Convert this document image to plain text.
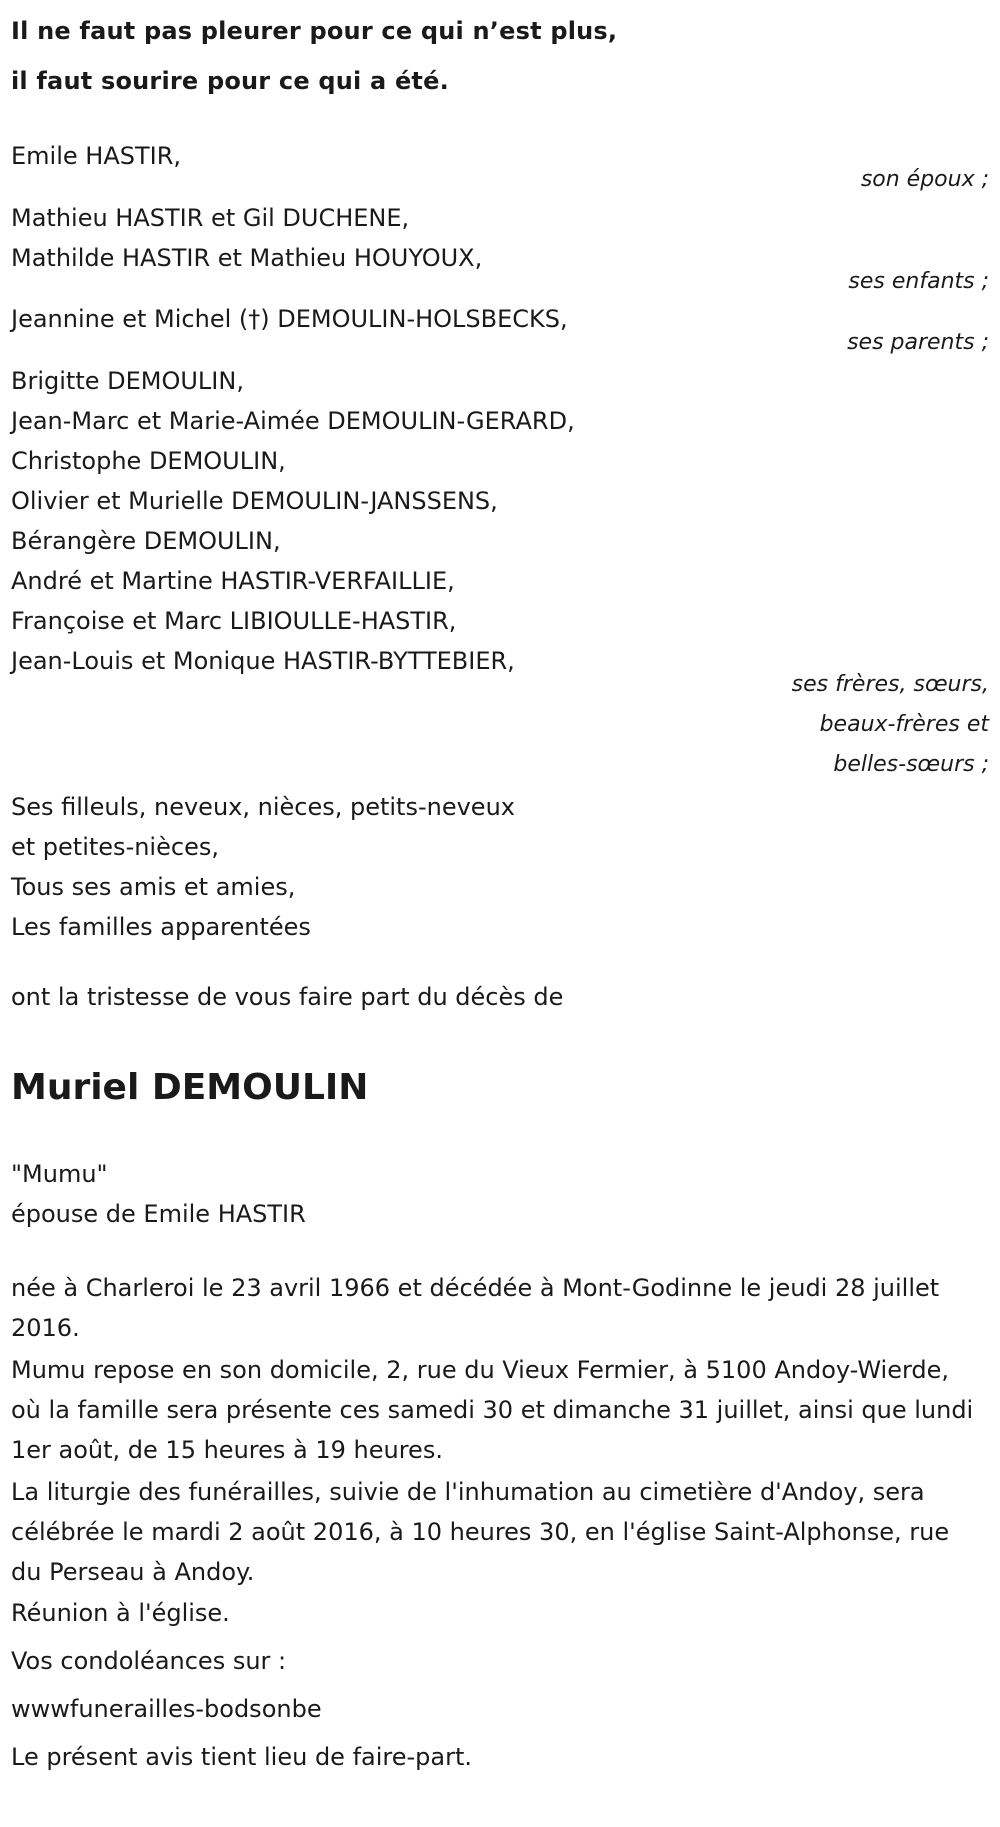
Il ne faut pas pleurer pour ce qui n’est plus,
il faut sourire pour ce qui a été.

Emile HASTIR,

son époux ;

Mathieu HASTIR et Gil DUCHENE,
Mathilde HASTIR et Mathieu HOUYOUX,

ses enfants ;

Jeannine et Michel (†) DEMOULIN-HOLSBECKS,

ses parents ;

Brigitte DEMOULIN,
Jean-Marc et Marie-Aimée DEMOULIN-GERARD,
Christophe DEMOULIN,
Olivier et Murielle DEMOULIN-JANSSENS,
Bérangère DEMOULIN,
André et Martine HASTIR-VERFAILLIE,
Françoise et Marc LIBIOULLE-HASTIR,
Jean-Louis et Monique HASTIR-BYTTEBIER,

ses frères, sœurs,
beaux-frères et
belles-sœurs ;

Ses filleuls, neveux, nièces, petits-neveux
et petites-nièces,
Tous ses amis et amies,
Les familles apparentées

ont la tristesse de vous faire part du décès de

Muriel DEMOULIN

"Mumu"
épouse de Emile HASTIR

née à Charleroi le 23 avril 1966 et décédée à Mont-Godinne le jeudi 28 juillet 2016.

Mumu repose en son domicile, 2, rue du Vieux Fermier, à 5100 Andoy-Wierde, où la famille sera présente ces samedi 30 et dimanche 31 juillet, ainsi que lundi 1er août, de 15 heures à 19 heures.

La liturgie des funérailles, suivie de l'inhumation au cimetière d'Andoy, sera célébrée le mardi 2 août 2016, à 10 heures 30, en l'église Saint-Alphonse, rue du Perseau à Andoy.

Réunion à l'église.

Vos condoléances sur :

wwwfunerailles-bodsonbe

Le présent avis tient lieu de faire-part.
